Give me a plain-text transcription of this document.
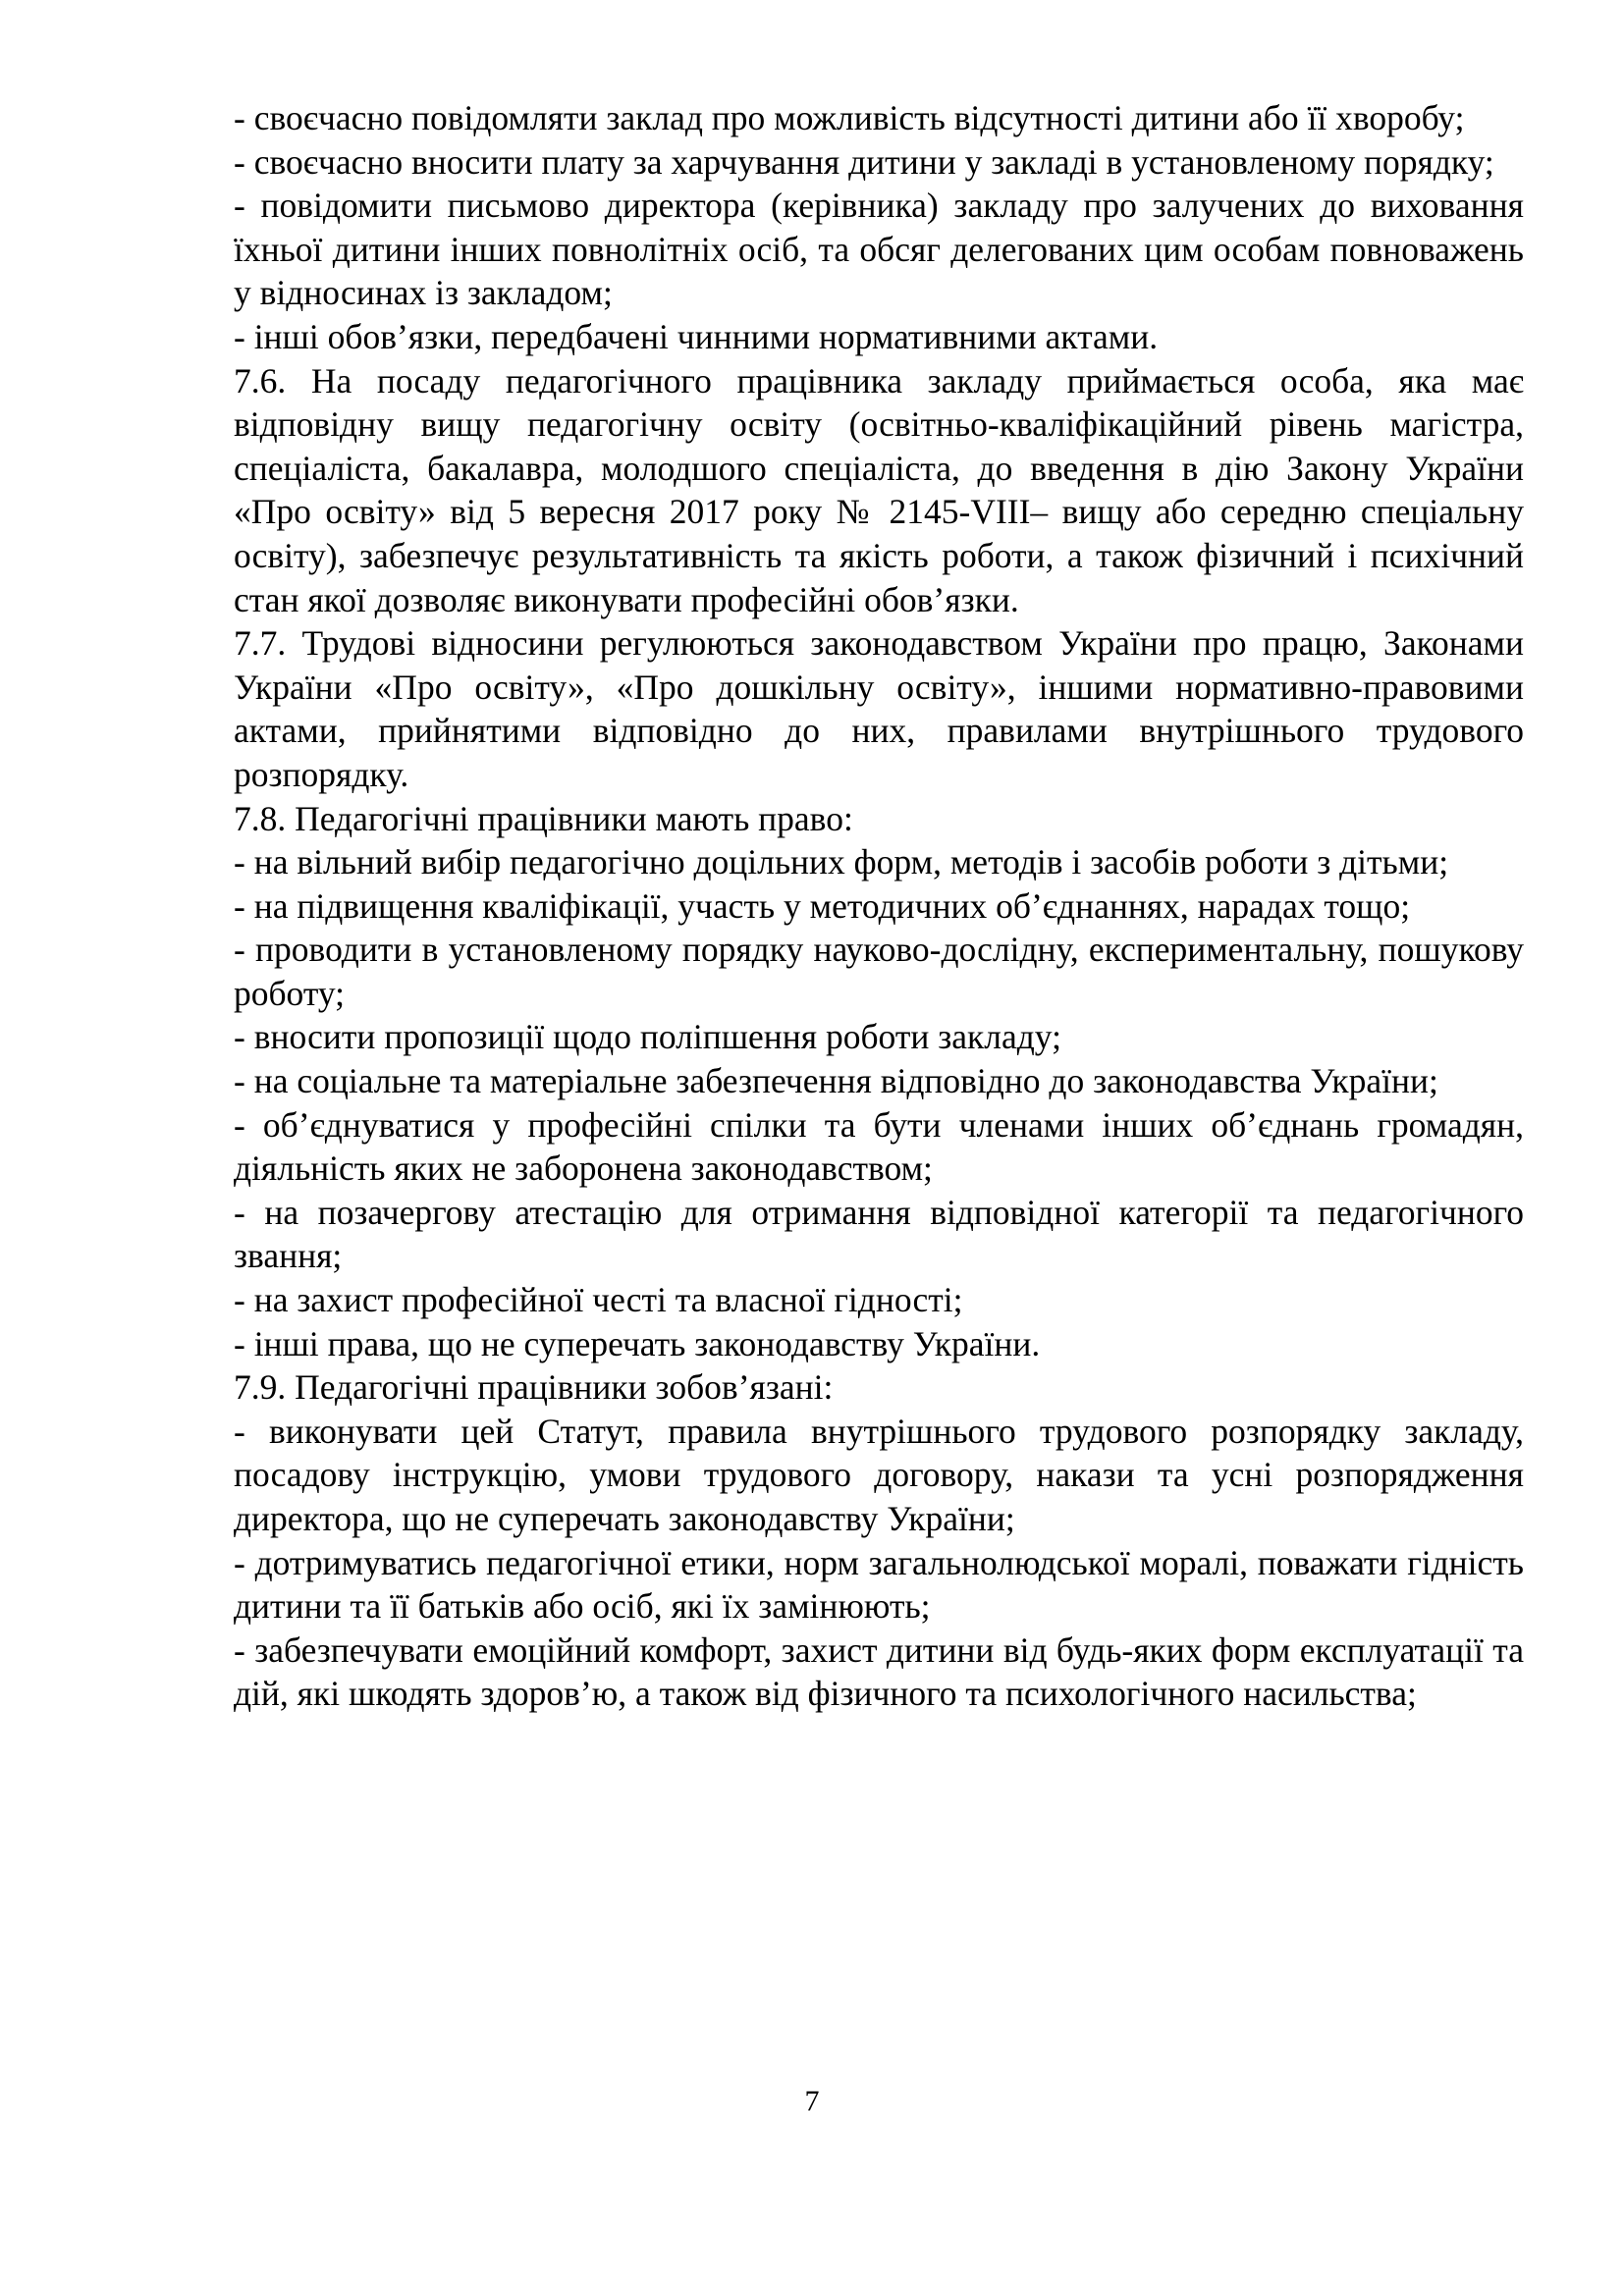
- своєчасно повідомляти заклад про можливість відсутності дитини або її хворобу;

- своєчасно вносити плату за харчування дитини у закладі в установленому порядку;

- повідомити письмово директора (керівника) закладу про залучених до виховання їхньої дитини інших повнолітніх осіб, та обсяг делегованих цим особам повноважень у відносинах із закладом;

- інші обов’язки, передбачені чинними нормативними актами.

7.6. На посаду педагогічного працівника закладу приймається особа, яка має відповідну вищу педагогічну освіту (освітньо-кваліфікаційний рівень магістра, спеціаліста, бакалавра, молодшого спеціаліста, до введення в дію Закону України «Про освіту» від 5 вересня 2017 року № 2145-VIII– вищу або середню спеціальну освіту), забезпечує результативність та якість роботи, а також фізичний і психічний стан якої дозволяє виконувати професійні обов’язки.

7.7. Трудові відносини регулюються законодавством України про працю, Законами України «Про освіту», «Про дошкільну освіту», іншими нормативно-правовими актами, прийнятими відповідно до них, правилами внутрішнього трудового розпорядку.

7.8. Педагогічні працівники мають право:

- на вільний вибір педагогічно доцільних форм, методів і засобів роботи з дітьми;

- на підвищення кваліфікації, участь у методичних об’єднаннях, нарадах тощо;

- проводити в установленому порядку науково-дослідну, експериментальну, пошукову роботу;

- вносити пропозиції щодо поліпшення роботи закладу;

- на соціальне та матеріальне забезпечення відповідно до законодавства України;

- об’єднуватися у професійні спілки та бути членами інших об’єднань громадян, діяльність яких не заборонена законодавством;

- на позачергову атестацію для отримання відповідної категорії та педагогічного звання;

- на захист професійної честі та власної гідності;

- інші права, що не суперечать законодавству України.

7.9. Педагогічні працівники зобов’язані:

- виконувати цей Статут, правила внутрішнього трудового розпорядку закладу, посадову інструкцію, умови трудового договору, накази та усні розпорядження директора, що не суперечать законодавству України;

- дотримуватись педагогічної етики, норм загальнолюдської моралі, поважати гідність дитини та її батьків або осіб, які їх замінюють;

- забезпечувати емоційний комфорт, захист дитини від будь-яких форм експлуатації та дій, які шкодять здоров’ю, а також від фізичного та психологічного насильства;

7
